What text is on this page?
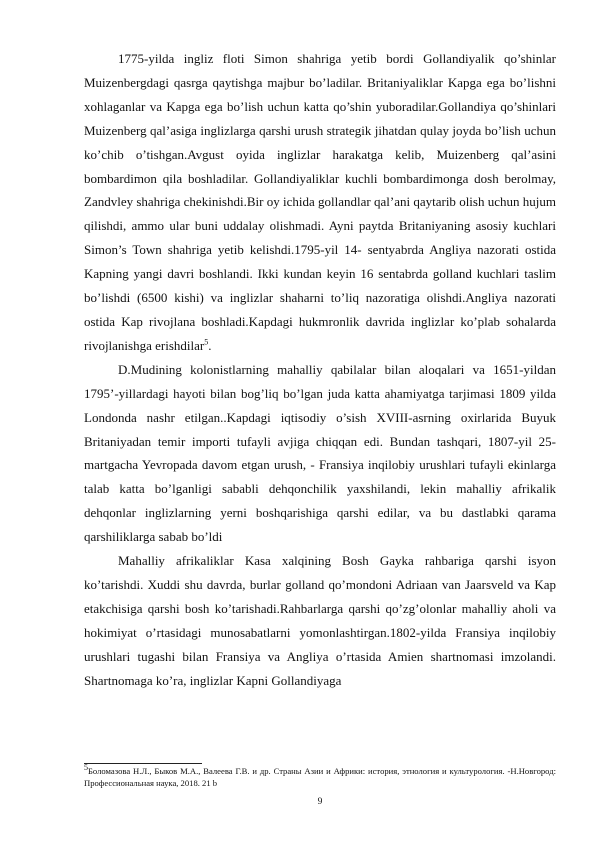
1775-yilda ingliz floti Simon shahriga yetib bordi Gollandiyalik qo’shinlar Muizenbergdagi qasrga qaytishga majbur bo’ladilar. Britaniyaliklar Kapga ega bo’lishni xohlaganlar va Kapga ega bo’lish uchun katta qo’shin yuboradilar.Gollandiya qo’shinlari Muizenberg qal’asiga inglizlarga qarshi urush strategik jihatdan qulay joyda bo’lish uchun ko’chib o’tishgan.Avgust oyida inglizlar harakatga kelib, Muizenberg qal’asini bombardimon qila boshladilar. Gollandiyaliklar kuchli bombardimonga dosh berolmay, Zandvley shahriga chekinishdi.Bir oy ichida gollandlar qal’ani qaytarib olish uchun hujum qilishdi, ammo ular buni uddalay olishmadi. Ayni paytda Britaniyaning asosiy kuchlari Simon’s Town shahriga yetib kelishdi.1795-yil 14- sentyabrda Angliya nazorati ostida Kapning yangi davri boshlandi. Ikki kundan keyin 16 sentabrda golland kuchlari taslim bo’lishdi (6500 kishi) va inglizlar shaharni to’liq nazoratiga olishdi.Angliya nazorati ostida Kap rivojlana boshladi.Kapdagi hukmronlik davrida inglizlar ko’plab sohalarda rivojlanishga erishdilar$^5$.

D.Mudining kolonistlarning mahalliy qabilalar bilan aloqalari va 1651-yildan 1795’-yillardagi hayoti bilan bog’liq bo’lgan juda katta ahamiyatga tarjimasi 1809 yilda Londonda nashr etilgan..Kapdagi iqtisodiy o’sish XVIII-asrning oxirlarida Buyuk Britaniyadan temir importi tufayli avjiga chiqqan edi. Bundan tashqari, 1807-yil 25-martgacha Yevropada davom etgan urush, - Fransiya inqilobiy urushlari tufayli ekinlarga talab katta bo’lganligi sababli dehqonchilik yaxshilandi, lekin mahalliy afrikalik dehqonlar inglizlarning yerni boshqarishiga qarshi edilar, va bu dastlabki qarama qarshiliklarga sabab bo’ldi

Mahalliy afrikaliklar Kasa xalqining Bosh Gayka rahbariga qarshi isyon ko’tarishdi. Xuddi shu davrda, burlar golland qo’mondoni Adriaan van Jaarsveld va Kap etakchisiga qarshi bosh ko’tarishadi.Rahbarlarga qarshi qo’zg’olonlar mahalliy aholi va hokimiyat o’rtasidagi munosabatlarni yomonlashtirgan.1802-yilda Fransiya inqilobiy urushlari tugashi bilan Fransiya va Angliya o’rtasida Amien shartnomasi imzolandi. Shartnomaga ko’ra, inglizlar Kapni Gollandiyaga

$^5$Боломазова Н.Л., Быков М.А., Валеева Г.В. и др. Страны Азии и Африки: история, этнология и культурология. -Н.Новгород: Профессиональная наука, 2018. 21 b

9
